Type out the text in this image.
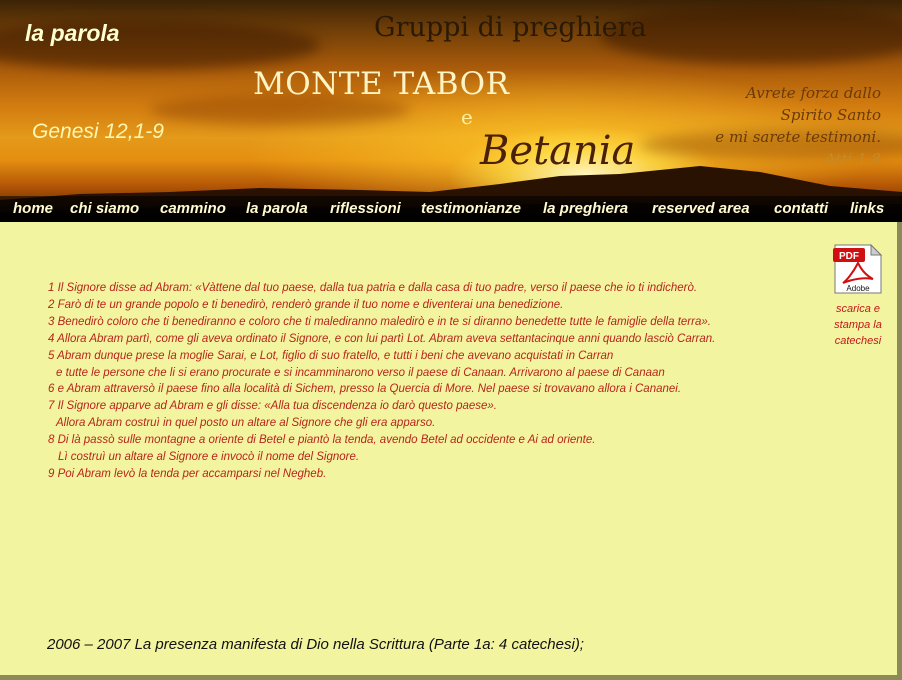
la parola	Gruppi di preghiera
MONTE TABOR
e
Betania
Genesi 12,1-9
Avrete forza dallo
Spirito Santo
e mi sarete testimoni.
Atti 1,8
home chi siamo cammino la parola riflessioni testimonianze la preghiera reserved area contatti links
1 Il Signore disse ad Abram: «Vàttene dal tuo paese, dalla tua patria e dalla casa di tuo padre, verso il paese che io ti indicherò.
2 Farò di te un grande popolo e ti benedirò, renderò grande il tuo nome e diventerai una benedizione.
3 Benedirò coloro che ti benediranno e coloro che ti malediranno maledirò e in te si diranno benedette tutte le famiglie della terra».
4 Allora Abram partì, come gli aveva ordinato il Signore, e con lui partì Lot. Abram aveva settantacinque anni quando lasciò Carran.
5 Abram dunque prese la moglie Sarai, e Lot, figlio di suo fratello, e tutti i beni che avevano acquistati in Carran
e tutte le persone che li si erano procurate e si incamminarono verso il paese di Canaan. Arrivarono al paese di Canaan
6 e Abram attraversò il paese fino alla località di Sichem, presso la Quercia di More. Nel paese si trovavano allora i Cananei.
7 Il Signore apparve ad Abram e gli disse: «Alla tua discendenza io darò questo paese».
Allora Abram costruì in quel posto un altare al Signore che gli era apparso.
8 Di là passò sulle montagne a oriente di Betel e piantò la tenda, avendo Betel ad occidente e Ai ad oriente.
Lì costruì un altare al Signore e invocò il nome del Signore.
9 Poi Abram levò la tenda per accamparsi nel Negheb.
PDF
Adobe
scarica e
stampa la
catechesi
2006 – 2007 La presenza manifesta di Dio nella Scrittura (Parte 1a: 4 catechesi);
